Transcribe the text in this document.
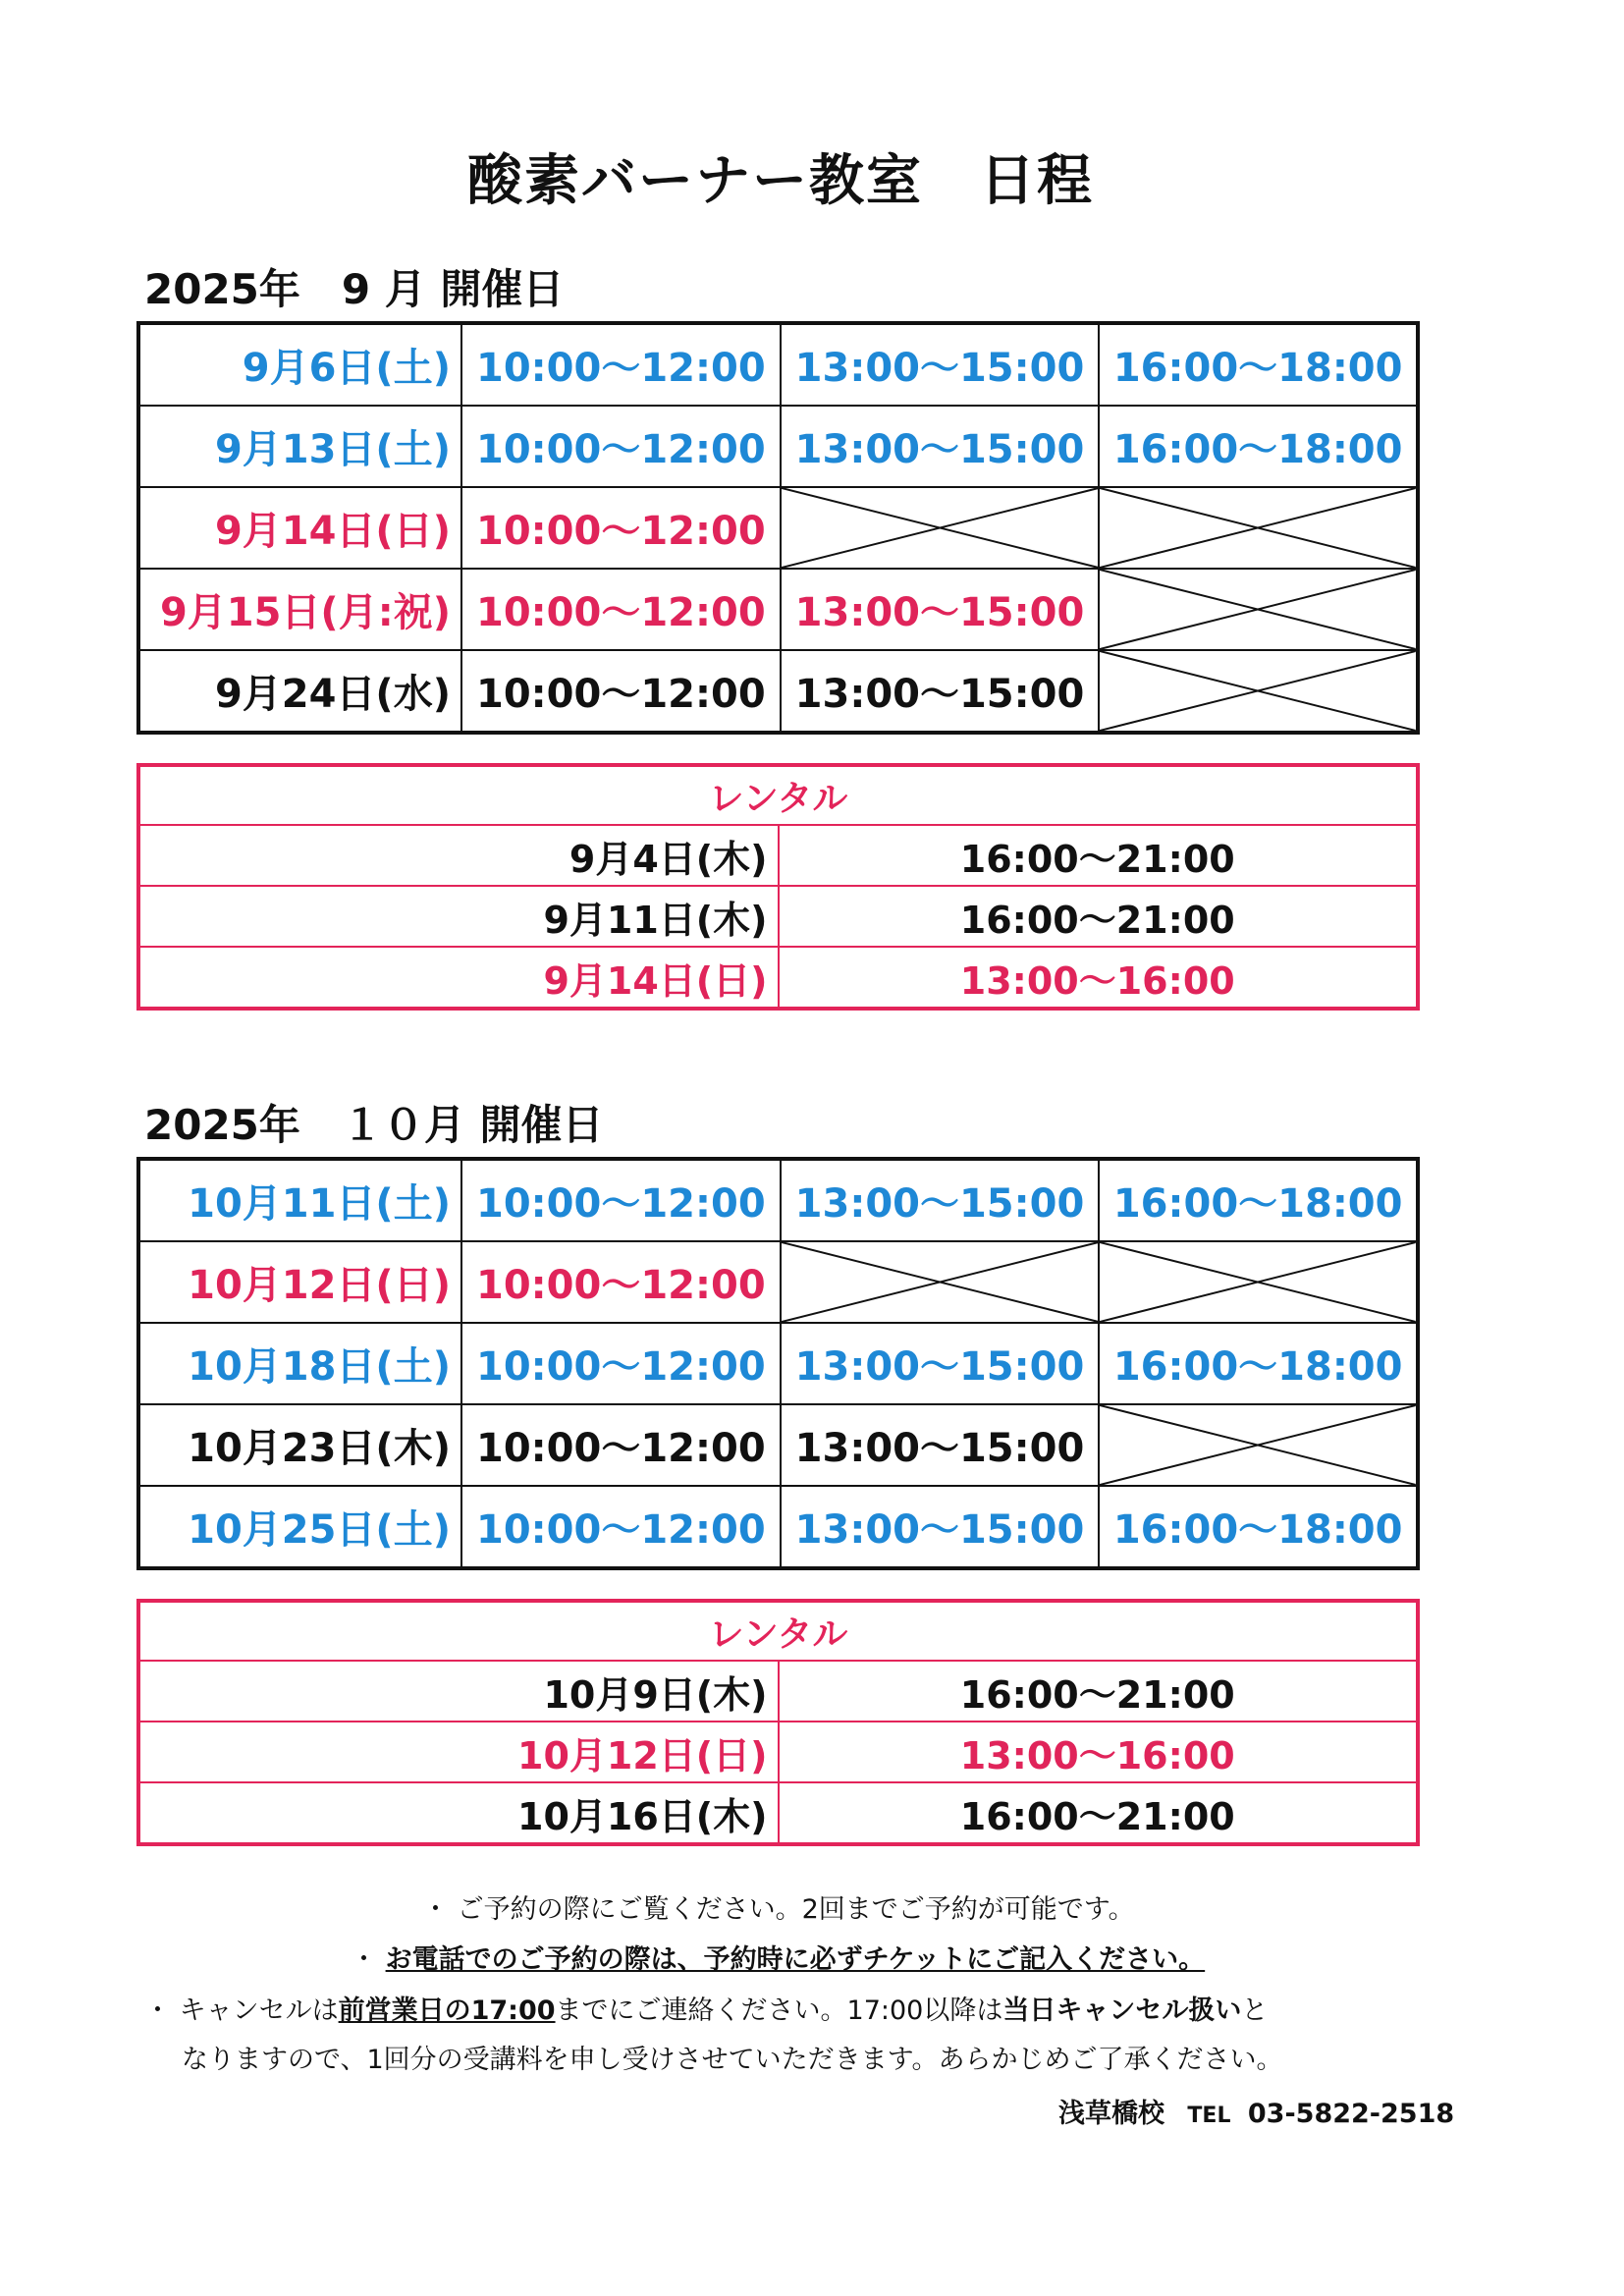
酸素バーナー教室　日程
2025年　9 月 開催日
9月6日(土)	10:00～12:00	13:00～15:00	16:00～18:00
9月13日(土)	10:00～12:00	13:00～15:00	16:00～18:00
9月14日(日)	10:00～12:00	

9月15日(月:祝)	10:00～12:00	13:00～15:00	

9月24日(水)	10:00～12:00	13:00～15:00	
レンタル	
9月4日(木)	16:00～21:00
9月11日(木)	16:00～21:00
9月14日(日)	13:00～16:00
2025年　１０月 開催日
10月11日(土)	10:00～12:00	13:00～15:00	16:00～18:00
10月12日(日)	10:00～12:00	

10月18日(土)	10:00～12:00	13:00～15:00	16:00～18:00
10月23日(木)	10:00～12:00	13:00～15:00	

10月25日(土)	10:00～12:00	13:00～15:00	16:00～18:00
レンタル	
10月9日(木)	16:00～21:00
10月12日(日)	13:00～16:00
10月16日(木)	16:00～21:00
・ ご予約の際にご覧ください。2回までご予約が可能です。
・ お電話でのご予約の際は、予約時に必ずチケットにご記入ください。
・ キャンセルは前営業日の17:00までにご連絡ください。17:00以降は当日キャンセル扱いと
なりますので、1回分の受講料を申し受けさせていただきます。あらかじめご了承ください。
浅草橋校 TEL 03-5822-2518
